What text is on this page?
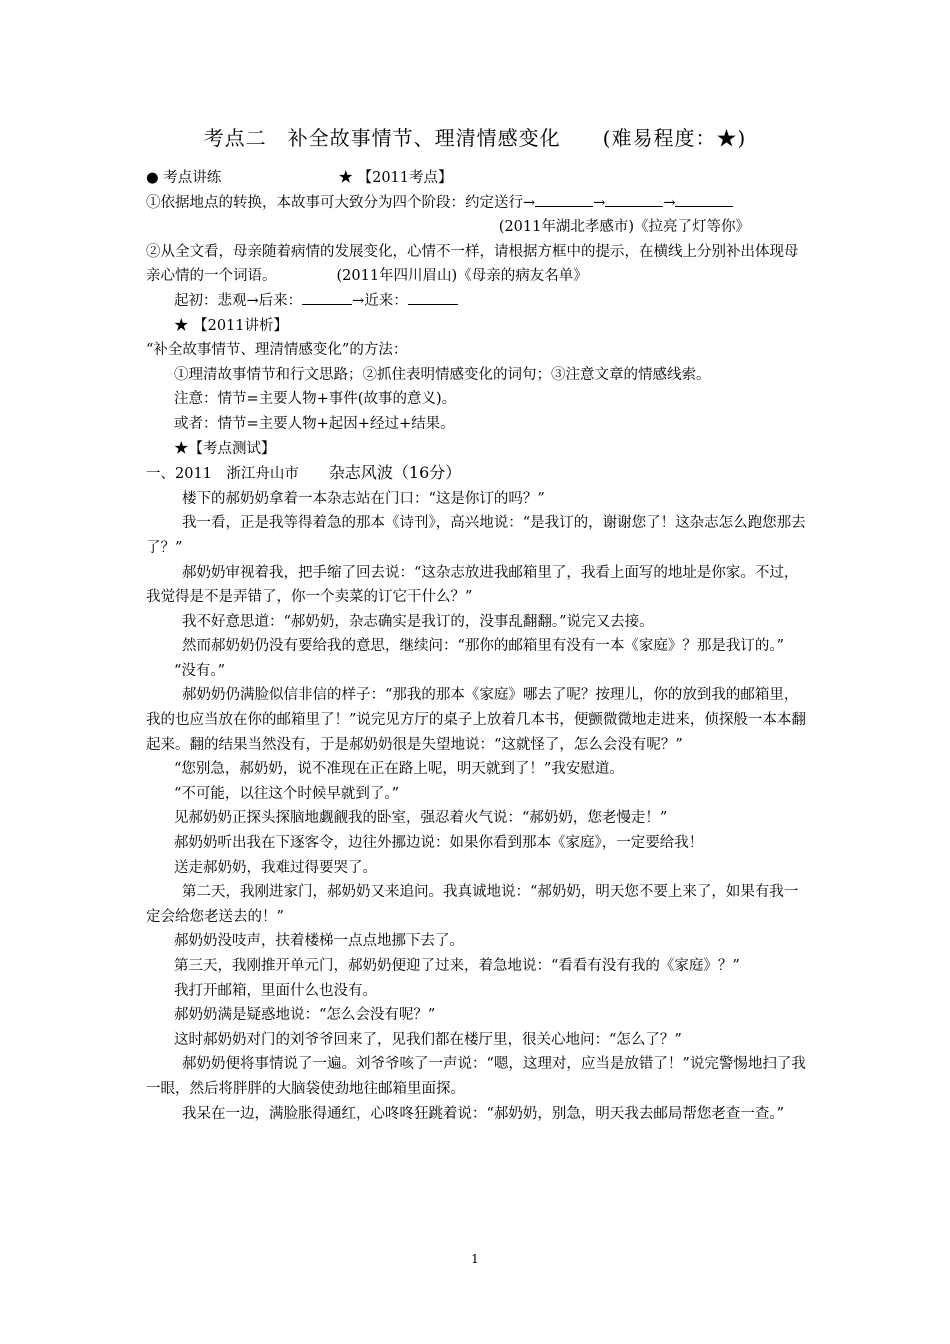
考点二　补全故事情节、理清情感变化　　(难易程度：★)

● 考点讲练	★ 【2011考点】

①依据地点的转换，本故事可大致分为四个阶段：约定送行→	→	→

(2011年湖北孝感市)《拉亮了灯等你》

②从全文看，母亲随着病情的发展变化，心情不一样，请根据方框中的提示，在横线上分别补出体现母亲心情的一个词语。	(2011年四川眉山)《母亲的病友名单》

起初：悲观→后来：	→近来：

★ 【2011讲析】

“补全故事情节、理清情感变化”的方法：

①理清故事情节和行文思路；②抓住表明情感变化的词句；③注意文章的情感线索。

注意：情节=主要人物+事件(故事的意义)。

或者：情节=主要人物+起因+经过+结果。

★【考点测试】

一、2011　浙江舟山市 杂志风波（16分）

楼下的郝奶奶拿着一本杂志站在门口：“这是你订的吗？”

我一看，正是我等得着急的那本《诗刊》，高兴地说：“是我订的，谢谢您了！这杂志怎么跑您那去了？”

郝奶奶审视着我，把手缩了回去说：“这杂志放进我邮箱里了，我看上面写的地址是你家。不过，我觉得是不是弄错了，你一个卖菜的订它干什么？”

我不好意思道：“郝奶奶，杂志确实是我订的，没事乱翻翻。”说完又去接。

然而郝奶奶仍没有要给我的意思，继续问：“那你的邮箱里有没有一本《家庭》？那是我订的。”

“没有。”

郝奶奶仍满脸似信非信的样子：“那我的那本《家庭》哪去了呢？按理儿，你的放到我的邮箱里，我的也应当放在你的邮箱里了！”说完见方厅的桌子上放着几本书，便颤微微地走进来，侦探般一本本翻起来。翻的结果当然没有，于是郝奶奶很是失望地说：“这就怪了，怎么会没有呢？”

“您别急，郝奶奶，说不准现在正在路上呢，明天就到了！”我安慰道。

“不可能，以往这个时候早就到了。”

见郝奶奶正探头探脑地觑觎我的卧室，强忍着火气说：“郝奶奶，您老慢走！”

郝奶奶听出我在下逐客令，边往外挪边说：如果你看到那本《家庭》，一定要给我！

送走郝奶奶，我难过得要哭了。

第二天，我刚进家门，郝奶奶又来追问。我真诚地说：“郝奶奶，明天您不要上来了，如果有我一定会给您老送去的！”

郝奶奶没吱声，扶着楼梯一点点地挪下去了。

第三天，我刚推开单元门，郝奶奶便迎了过来，着急地说：“看看有没有我的《家庭》？”

我打开邮箱，里面什么也没有。

郝奶奶满是疑惑地说：“怎么会没有呢？”

这时郝奶奶对门的刘爷爷回来了，见我们都在楼厅里，很关心地问：“怎么了？”

郝奶奶便将事情说了一遍。刘爷爷咳了一声说：“嗯，这理对，应当是放错了！”说完警惕地扫了我一眼，然后将胖胖的大脑袋使劲地往邮箱里面探。

我呆在一边，满脸胀得通红，心咚咚狂跳着说：“郝奶奶，别急，明天我去邮局帮您老查一查。”

1
